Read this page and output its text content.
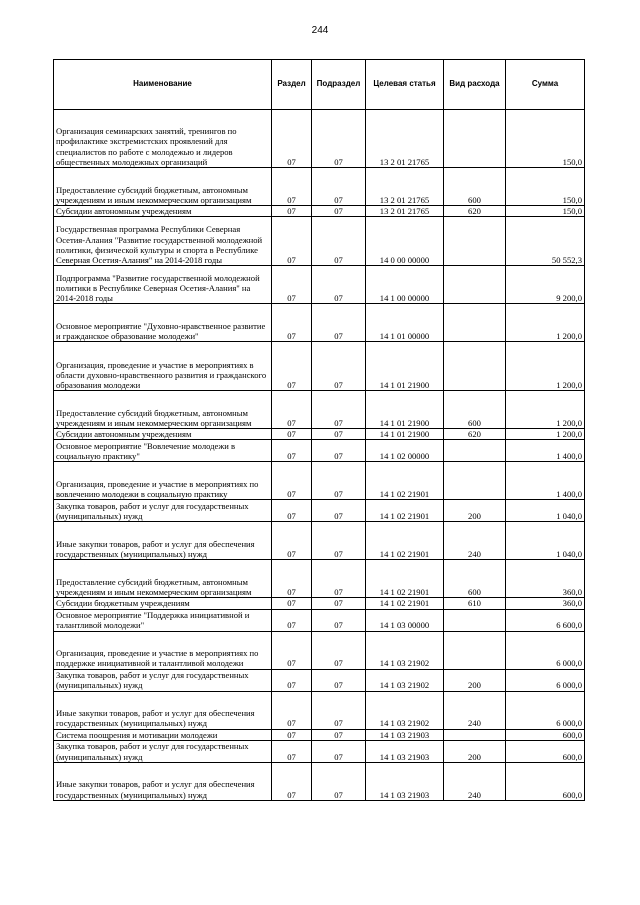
244
Наименование	Раздел	Подраздел	Целевая статья	Вид расхода	Сумма
Организация семинарских занятий, тренингов по профилактике экстремистских проявлений для специалистов по работе с молодежью и лидеров общественных молодежных организаций	07	07	13 2 01 21765		150,0
Предоставление субсидий бюджетным, автономным учреждениям и иным некоммерческим организациям	07	07	13 2 01 21765	600	150,0
Субсидии автономным учреждениям	07	07	13 2 01 21765	620	150,0
Государственная программа Республики Северная Осетия-Алания "Развитие государственной молодежной политики, физической культуры и спорта в Республике Северная Осетия-Алания" на 2014-2018 годы	07	07	14 0 00 00000		50 552,3
Подпрограмма "Развитие государственной молодежной политики в Республике Северная Осетия-Алания" на 2014-2018 годы	07	07	14 1 00 00000		9 200,0
Основное мероприятие "Духовно-нравственное развитие и гражданское образование молодежи"	07	07	14 1 01 00000		1 200,0
Организация, проведение и участие в мероприятиях в области духовно-нравственного развития и гражданского образования молодежи	07	07	14 1 01 21900		1 200,0
Предоставление субсидий бюджетным, автономным учреждениям и иным некоммерческим организациям	07	07	14 1 01 21900	600	1 200,0
Субсидии автономным учреждениям	07	07	14 1 01 21900	620	1 200,0
Основное мероприятие "Вовлечение молодежи в социальную практику"	07	07	14 1 02 00000		1 400,0
Организация, проведение и участие в мероприятиях по вовлечению молодежи в социальную практику	07	07	14 1 02 21901		1 400,0
Закупка товаров, работ и услуг для государственных (муниципальных) нужд	07	07	14 1 02 21901	200	1 040,0
Иные закупки товаров, работ и услуг для обеспечения государственных (муниципальных) нужд	07	07	14 1 02 21901	240	1 040,0
Предоставление субсидий бюджетным, автономным учреждениям и иным некоммерческим организациям	07	07	14 1 02 21901	600	360,0
Субсидии бюджетным учреждениям	07	07	14 1 02 21901	610	360,0
Основное мероприятие "Поддержка инициативной и талантливой молодежи"	07	07	14 1 03 00000		6 600,0
Организация, проведение и участие в мероприятиях по поддержке инициативной и талантливой молодежи	07	07	14 1 03 21902		6 000,0
Закупка товаров, работ и услуг для государственных (муниципальных) нужд	07	07	14 1 03 21902	200	6 000,0
Иные закупки товаров, работ и услуг для обеспечения государственных (муниципальных) нужд	07	07	14 1 03 21902	240	6 000,0
Система поощрения и мотивации молодежи	07	07	14 1 03 21903		600,0
Закупка товаров, работ и услуг для государственных (муниципальных) нужд	07	07	14 1 03 21903	200	600,0
Иные закупки товаров, работ и услуг для обеспечения государственных (муниципальных) нужд	07	07	14 1 03 21903	240	600,0
